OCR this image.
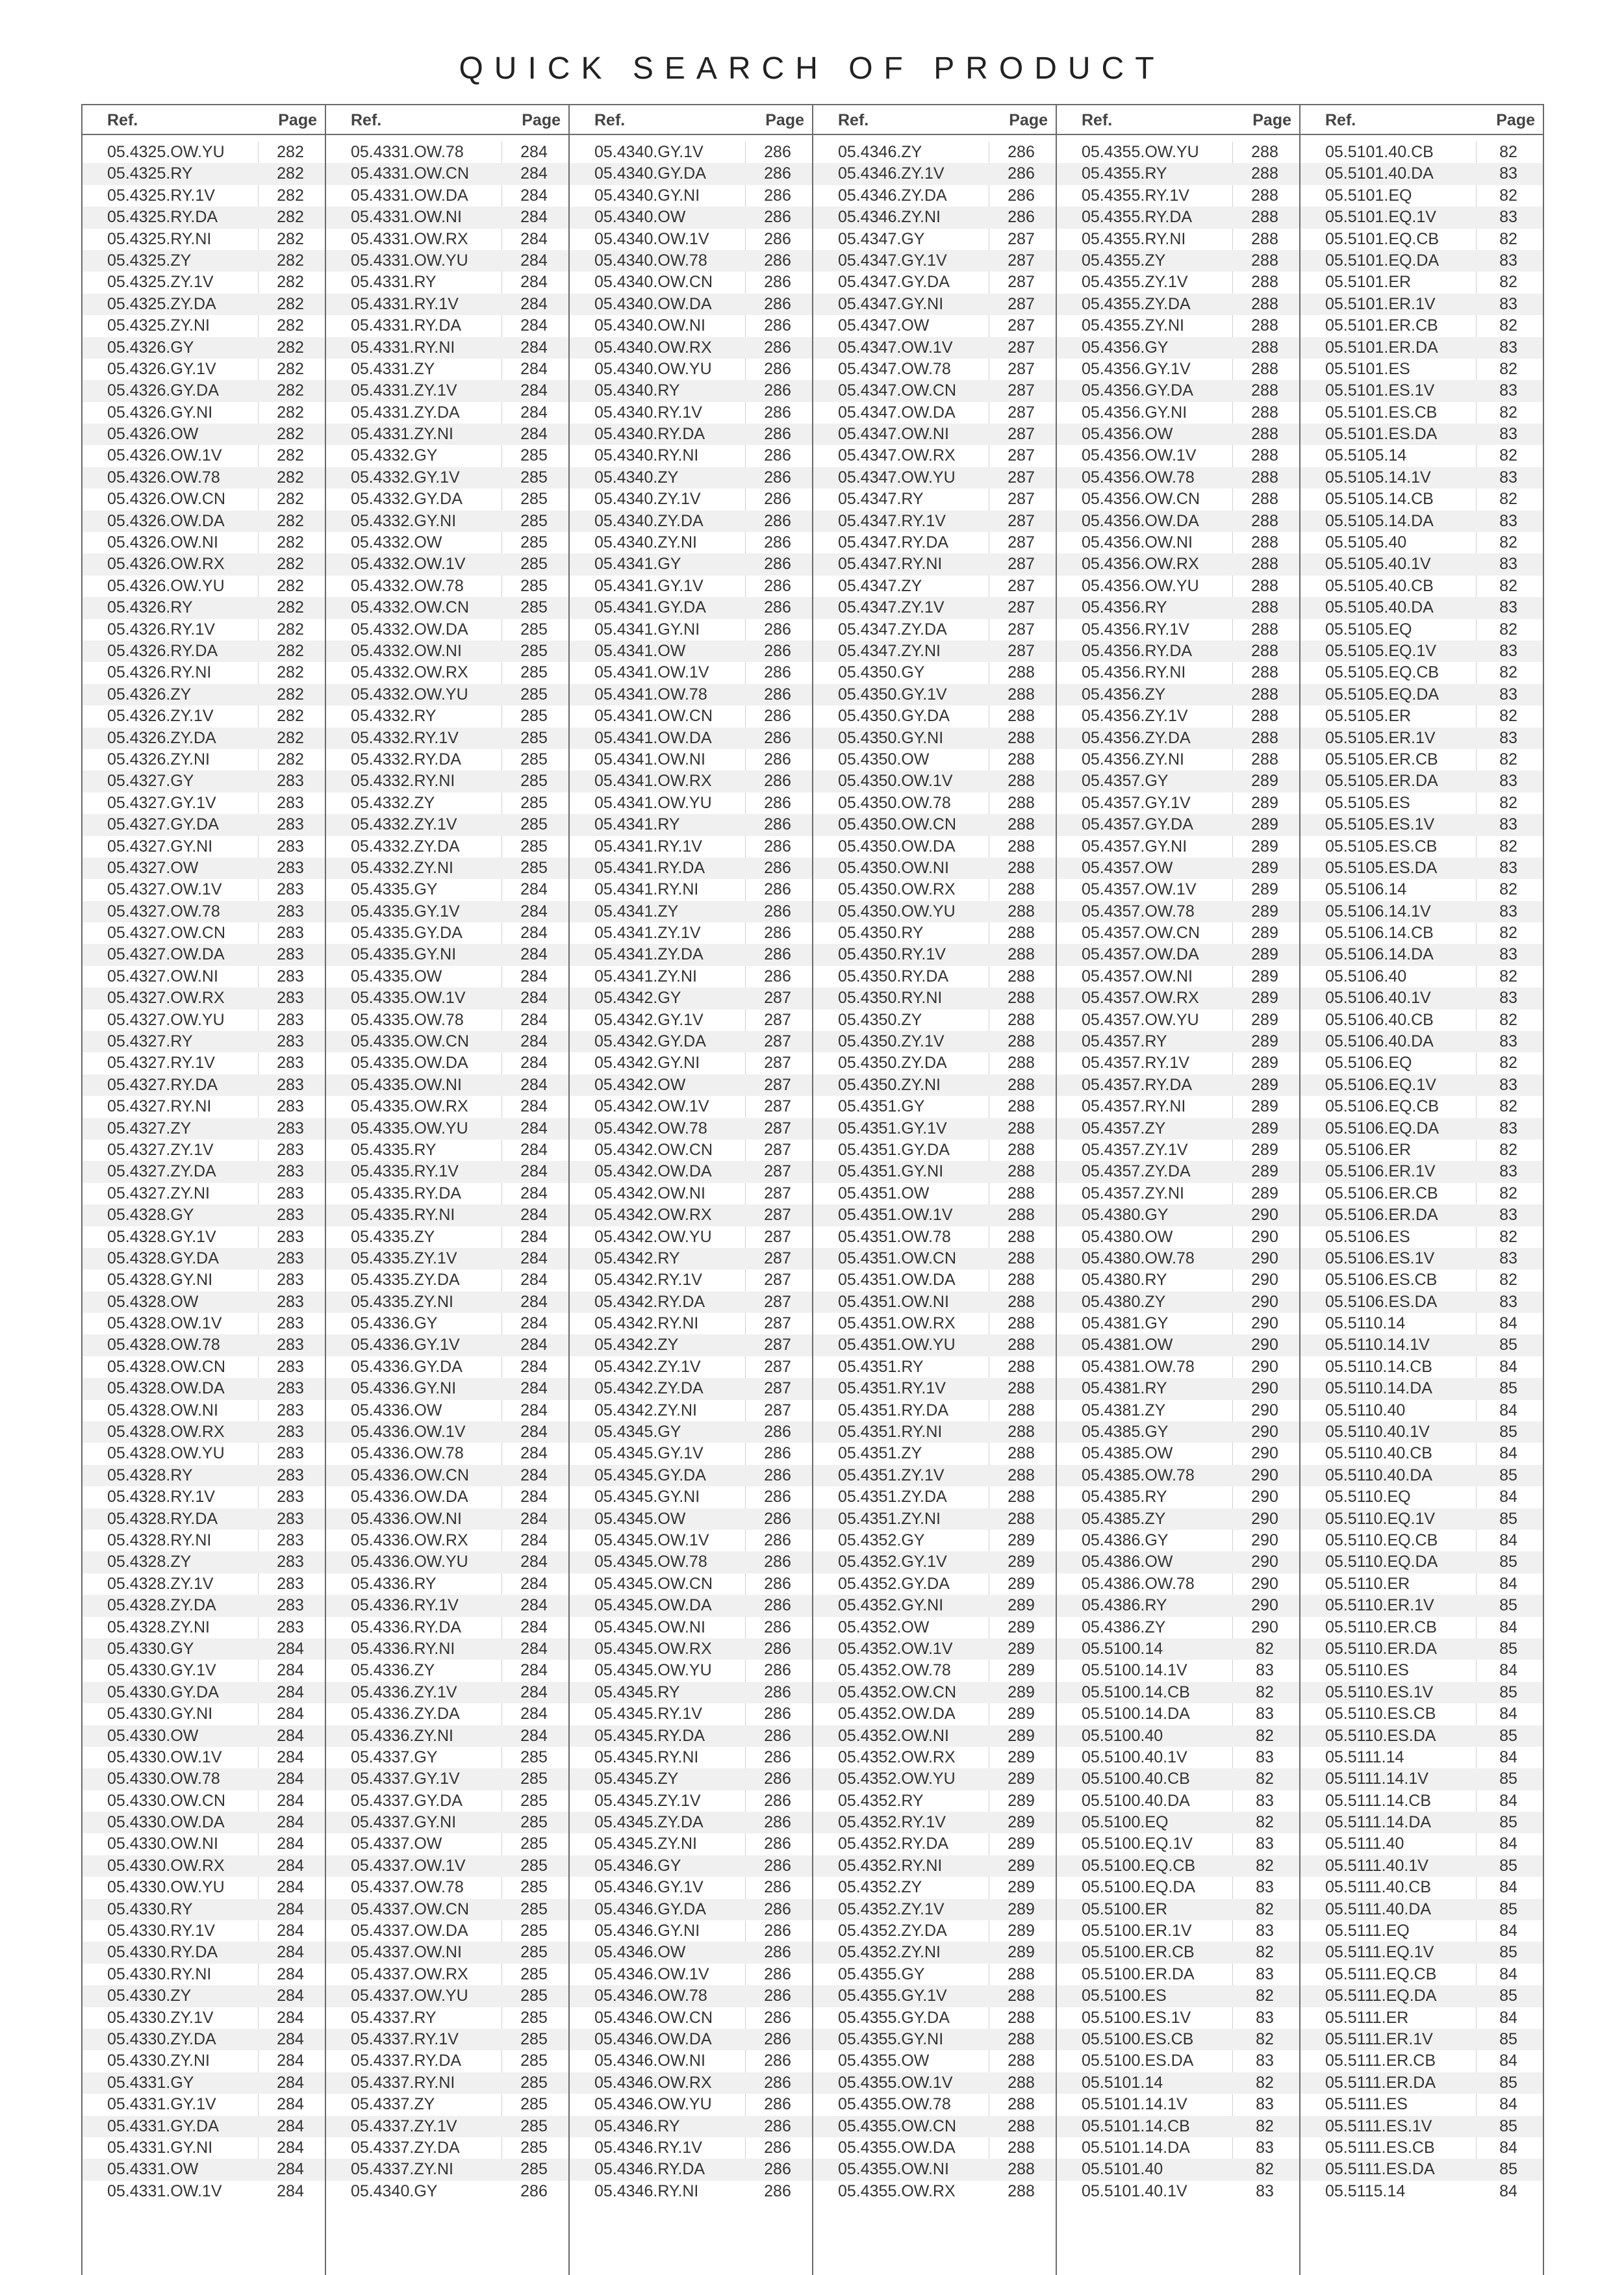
QUICK SEARCH OF PRODUCT
Ref.	Page
05.4325.OW.YU	282
05.4325.RY	282
05.4325.RY.1V	282
05.4325.RY.DA	282
05.4325.RY.NI	282
05.4325.ZY	282
05.4325.ZY.1V	282
05.4325.ZY.DA	282
05.4325.ZY.NI	282
05.4326.GY	282
05.4326.GY.1V	282
05.4326.GY.DA	282
05.4326.GY.NI	282
05.4326.OW	282
05.4326.OW.1V	282
05.4326.OW.78	282
05.4326.OW.CN	282
05.4326.OW.DA	282
05.4326.OW.NI	282
05.4326.OW.RX	282
05.4326.OW.YU	282
05.4326.RY	282
05.4326.RY.1V	282
05.4326.RY.DA	282
05.4326.RY.NI	282
05.4326.ZY	282
05.4326.ZY.1V	282
05.4326.ZY.DA	282
05.4326.ZY.NI	282
05.4327.GY	283
05.4327.GY.1V	283
05.4327.GY.DA	283
05.4327.GY.NI	283
05.4327.OW	283
05.4327.OW.1V	283
05.4327.OW.78	283
05.4327.OW.CN	283
05.4327.OW.DA	283
05.4327.OW.NI	283
05.4327.OW.RX	283
05.4327.OW.YU	283
05.4327.RY	283
05.4327.RY.1V	283
05.4327.RY.DA	283
05.4327.RY.NI	283
05.4327.ZY	283
05.4327.ZY.1V	283
05.4327.ZY.DA	283
05.4327.ZY.NI	283
05.4328.GY	283
05.4328.GY.1V	283
05.4328.GY.DA	283
05.4328.GY.NI	283
05.4328.OW	283
05.4328.OW.1V	283
05.4328.OW.78	283
05.4328.OW.CN	283
05.4328.OW.DA	283
05.4328.OW.NI	283
05.4328.OW.RX	283
05.4328.OW.YU	283
05.4328.RY	283
05.4328.RY.1V	283
05.4328.RY.DA	283
05.4328.RY.NI	283
05.4328.ZY	283
05.4328.ZY.1V	283
05.4328.ZY.DA	283
05.4328.ZY.NI	283
05.4330.GY	284
05.4330.GY.1V	284
05.4330.GY.DA	284
05.4330.GY.NI	284
05.4330.OW	284
05.4330.OW.1V	284
05.4330.OW.78	284
05.4330.OW.CN	284
05.4330.OW.DA	284
05.4330.OW.NI	284
05.4330.OW.RX	284
05.4330.OW.YU	284
05.4330.RY	284
05.4330.RY.1V	284
05.4330.RY.DA	284
05.4330.RY.NI	284
05.4330.ZY	284
05.4330.ZY.1V	284
05.4330.ZY.DA	284
05.4330.ZY.NI	284
05.4331.GY	284
05.4331.GY.1V	284
05.4331.GY.DA	284
05.4331.GY.NI	284
05.4331.OW	284
05.4331.OW.1V	284
Ref.	Page
05.4331.OW.78	284
05.4331.OW.CN	284
05.4331.OW.DA	284
05.4331.OW.NI	284
05.4331.OW.RX	284
05.4331.OW.YU	284
05.4331.RY	284
05.4331.RY.1V	284
05.4331.RY.DA	284
05.4331.RY.NI	284
05.4331.ZY	284
05.4331.ZY.1V	284
05.4331.ZY.DA	284
05.4331.ZY.NI	284
05.4332.GY	285
05.4332.GY.1V	285
05.4332.GY.DA	285
05.4332.GY.NI	285
05.4332.OW	285
05.4332.OW.1V	285
05.4332.OW.78	285
05.4332.OW.CN	285
05.4332.OW.DA	285
05.4332.OW.NI	285
05.4332.OW.RX	285
05.4332.OW.YU	285
05.4332.RY	285
05.4332.RY.1V	285
05.4332.RY.DA	285
05.4332.RY.NI	285
05.4332.ZY	285
05.4332.ZY.1V	285
05.4332.ZY.DA	285
05.4332.ZY.NI	285
05.4335.GY	284
05.4335.GY.1V	284
05.4335.GY.DA	284
05.4335.GY.NI	284
05.4335.OW	284
05.4335.OW.1V	284
05.4335.OW.78	284
05.4335.OW.CN	284
05.4335.OW.DA	284
05.4335.OW.NI	284
05.4335.OW.RX	284
05.4335.OW.YU	284
05.4335.RY	284
05.4335.RY.1V	284
05.4335.RY.DA	284
05.4335.RY.NI	284
05.4335.ZY	284
05.4335.ZY.1V	284
05.4335.ZY.DA	284
05.4335.ZY.NI	284
05.4336.GY	284
05.4336.GY.1V	284
05.4336.GY.DA	284
05.4336.GY.NI	284
05.4336.OW	284
05.4336.OW.1V	284
05.4336.OW.78	284
05.4336.OW.CN	284
05.4336.OW.DA	284
05.4336.OW.NI	284
05.4336.OW.RX	284
05.4336.OW.YU	284
05.4336.RY	284
05.4336.RY.1V	284
05.4336.RY.DA	284
05.4336.RY.NI	284
05.4336.ZY	284
05.4336.ZY.1V	284
05.4336.ZY.DA	284
05.4336.ZY.NI	284
05.4337.GY	285
05.4337.GY.1V	285
05.4337.GY.DA	285
05.4337.GY.NI	285
05.4337.OW	285
05.4337.OW.1V	285
05.4337.OW.78	285
05.4337.OW.CN	285
05.4337.OW.DA	285
05.4337.OW.NI	285
05.4337.OW.RX	285
05.4337.OW.YU	285
05.4337.RY	285
05.4337.RY.1V	285
05.4337.RY.DA	285
05.4337.RY.NI	285
05.4337.ZY	285
05.4337.ZY.1V	285
05.4337.ZY.DA	285
05.4337.ZY.NI	285
05.4340.GY	286
Ref.	Page
05.4340.GY.1V	286
05.4340.GY.DA	286
05.4340.GY.NI	286
05.4340.OW	286
05.4340.OW.1V	286
05.4340.OW.78	286
05.4340.OW.CN	286
05.4340.OW.DA	286
05.4340.OW.NI	286
05.4340.OW.RX	286
05.4340.OW.YU	286
05.4340.RY	286
05.4340.RY.1V	286
05.4340.RY.DA	286
05.4340.RY.NI	286
05.4340.ZY	286
05.4340.ZY.1V	286
05.4340.ZY.DA	286
05.4340.ZY.NI	286
05.4341.GY	286
05.4341.GY.1V	286
05.4341.GY.DA	286
05.4341.GY.NI	286
05.4341.OW	286
05.4341.OW.1V	286
05.4341.OW.78	286
05.4341.OW.CN	286
05.4341.OW.DA	286
05.4341.OW.NI	286
05.4341.OW.RX	286
05.4341.OW.YU	286
05.4341.RY	286
05.4341.RY.1V	286
05.4341.RY.DA	286
05.4341.RY.NI	286
05.4341.ZY	286
05.4341.ZY.1V	286
05.4341.ZY.DA	286
05.4341.ZY.NI	286
05.4342.GY	287
05.4342.GY.1V	287
05.4342.GY.DA	287
05.4342.GY.NI	287
05.4342.OW	287
05.4342.OW.1V	287
05.4342.OW.78	287
05.4342.OW.CN	287
05.4342.OW.DA	287
05.4342.OW.NI	287
05.4342.OW.RX	287
05.4342.OW.YU	287
05.4342.RY	287
05.4342.RY.1V	287
05.4342.RY.DA	287
05.4342.RY.NI	287
05.4342.ZY	287
05.4342.ZY.1V	287
05.4342.ZY.DA	287
05.4342.ZY.NI	287
05.4345.GY	286
05.4345.GY.1V	286
05.4345.GY.DA	286
05.4345.GY.NI	286
05.4345.OW	286
05.4345.OW.1V	286
05.4345.OW.78	286
05.4345.OW.CN	286
05.4345.OW.DA	286
05.4345.OW.NI	286
05.4345.OW.RX	286
05.4345.OW.YU	286
05.4345.RY	286
05.4345.RY.1V	286
05.4345.RY.DA	286
05.4345.RY.NI	286
05.4345.ZY	286
05.4345.ZY.1V	286
05.4345.ZY.DA	286
05.4345.ZY.NI	286
05.4346.GY	286
05.4346.GY.1V	286
05.4346.GY.DA	286
05.4346.GY.NI	286
05.4346.OW	286
05.4346.OW.1V	286
05.4346.OW.78	286
05.4346.OW.CN	286
05.4346.OW.DA	286
05.4346.OW.NI	286
05.4346.OW.RX	286
05.4346.OW.YU	286
05.4346.RY	286
05.4346.RY.1V	286
05.4346.RY.DA	286
05.4346.RY.NI	286
Ref.	Page
05.4346.ZY	286
05.4346.ZY.1V	286
05.4346.ZY.DA	286
05.4346.ZY.NI	286
05.4347.GY	287
05.4347.GY.1V	287
05.4347.GY.DA	287
05.4347.GY.NI	287
05.4347.OW	287
05.4347.OW.1V	287
05.4347.OW.78	287
05.4347.OW.CN	287
05.4347.OW.DA	287
05.4347.OW.NI	287
05.4347.OW.RX	287
05.4347.OW.YU	287
05.4347.RY	287
05.4347.RY.1V	287
05.4347.RY.DA	287
05.4347.RY.NI	287
05.4347.ZY	287
05.4347.ZY.1V	287
05.4347.ZY.DA	287
05.4347.ZY.NI	287
05.4350.GY	288
05.4350.GY.1V	288
05.4350.GY.DA	288
05.4350.GY.NI	288
05.4350.OW	288
05.4350.OW.1V	288
05.4350.OW.78	288
05.4350.OW.CN	288
05.4350.OW.DA	288
05.4350.OW.NI	288
05.4350.OW.RX	288
05.4350.OW.YU	288
05.4350.RY	288
05.4350.RY.1V	288
05.4350.RY.DA	288
05.4350.RY.NI	288
05.4350.ZY	288
05.4350.ZY.1V	288
05.4350.ZY.DA	288
05.4350.ZY.NI	288
05.4351.GY	288
05.4351.GY.1V	288
05.4351.GY.DA	288
05.4351.GY.NI	288
05.4351.OW	288
05.4351.OW.1V	288
05.4351.OW.78	288
05.4351.OW.CN	288
05.4351.OW.DA	288
05.4351.OW.NI	288
05.4351.OW.RX	288
05.4351.OW.YU	288
05.4351.RY	288
05.4351.RY.1V	288
05.4351.RY.DA	288
05.4351.RY.NI	288
05.4351.ZY	288
05.4351.ZY.1V	288
05.4351.ZY.DA	288
05.4351.ZY.NI	288
05.4352.GY	289
05.4352.GY.1V	289
05.4352.GY.DA	289
05.4352.GY.NI	289
05.4352.OW	289
05.4352.OW.1V	289
05.4352.OW.78	289
05.4352.OW.CN	289
05.4352.OW.DA	289
05.4352.OW.NI	289
05.4352.OW.RX	289
05.4352.OW.YU	289
05.4352.RY	289
05.4352.RY.1V	289
05.4352.RY.DA	289
05.4352.RY.NI	289
05.4352.ZY	289
05.4352.ZY.1V	289
05.4352.ZY.DA	289
05.4352.ZY.NI	289
05.4355.GY	288
05.4355.GY.1V	288
05.4355.GY.DA	288
05.4355.GY.NI	288
05.4355.OW	288
05.4355.OW.1V	288
05.4355.OW.78	288
05.4355.OW.CN	288
05.4355.OW.DA	288
05.4355.OW.NI	288
05.4355.OW.RX	288
Ref.	Page
05.4355.OW.YU	288
05.4355.RY	288
05.4355.RY.1V	288
05.4355.RY.DA	288
05.4355.RY.NI	288
05.4355.ZY	288
05.4355.ZY.1V	288
05.4355.ZY.DA	288
05.4355.ZY.NI	288
05.4356.GY	288
05.4356.GY.1V	288
05.4356.GY.DA	288
05.4356.GY.NI	288
05.4356.OW	288
05.4356.OW.1V	288
05.4356.OW.78	288
05.4356.OW.CN	288
05.4356.OW.DA	288
05.4356.OW.NI	288
05.4356.OW.RX	288
05.4356.OW.YU	288
05.4356.RY	288
05.4356.RY.1V	288
05.4356.RY.DA	288
05.4356.RY.NI	288
05.4356.ZY	288
05.4356.ZY.1V	288
05.4356.ZY.DA	288
05.4356.ZY.NI	288
05.4357.GY	289
05.4357.GY.1V	289
05.4357.GY.DA	289
05.4357.GY.NI	289
05.4357.OW	289
05.4357.OW.1V	289
05.4357.OW.78	289
05.4357.OW.CN	289
05.4357.OW.DA	289
05.4357.OW.NI	289
05.4357.OW.RX	289
05.4357.OW.YU	289
05.4357.RY	289
05.4357.RY.1V	289
05.4357.RY.DA	289
05.4357.RY.NI	289
05.4357.ZY	289
05.4357.ZY.1V	289
05.4357.ZY.DA	289
05.4357.ZY.NI	289
05.4380.GY	290
05.4380.OW	290
05.4380.OW.78	290
05.4380.RY	290
05.4380.ZY	290
05.4381.GY	290
05.4381.OW	290
05.4381.OW.78	290
05.4381.RY	290
05.4381.ZY	290
05.4385.GY	290
05.4385.OW	290
05.4385.OW.78	290
05.4385.RY	290
05.4385.ZY	290
05.4386.GY	290
05.4386.OW	290
05.4386.OW.78	290
05.4386.RY	290
05.4386.ZY	290
05.5100.14	82
05.5100.14.1V	83
05.5100.14.CB	82
05.5100.14.DA	83
05.5100.40	82
05.5100.40.1V	83
05.5100.40.CB	82
05.5100.40.DA	83
05.5100.EQ	82
05.5100.EQ.1V	83
05.5100.EQ.CB	82
05.5100.EQ.DA	83
05.5100.ER	82
05.5100.ER.1V	83
05.5100.ER.CB	82
05.5100.ER.DA	83
05.5100.ES	82
05.5100.ES.1V	83
05.5100.ES.CB	82
05.5100.ES.DA	83
05.5101.14	82
05.5101.14.1V	83
05.5101.14.CB	82
05.5101.14.DA	83
05.5101.40	82
05.5101.40.1V	83
Ref.	Page
05.5101.40.CB	82
05.5101.40.DA	83
05.5101.EQ	82
05.5101.EQ.1V	83
05.5101.EQ.CB	82
05.5101.EQ.DA	83
05.5101.ER	82
05.5101.ER.1V	83
05.5101.ER.CB	82
05.5101.ER.DA	83
05.5101.ES	82
05.5101.ES.1V	83
05.5101.ES.CB	82
05.5101.ES.DA	83
05.5105.14	82
05.5105.14.1V	83
05.5105.14.CB	82
05.5105.14.DA	83
05.5105.40	82
05.5105.40.1V	83
05.5105.40.CB	82
05.5105.40.DA	83
05.5105.EQ	82
05.5105.EQ.1V	83
05.5105.EQ.CB	82
05.5105.EQ.DA	83
05.5105.ER	82
05.5105.ER.1V	83
05.5105.ER.CB	82
05.5105.ER.DA	83
05.5105.ES	82
05.5105.ES.1V	83
05.5105.ES.CB	82
05.5105.ES.DA	83
05.5106.14	82
05.5106.14.1V	83
05.5106.14.CB	82
05.5106.14.DA	83
05.5106.40	82
05.5106.40.1V	83
05.5106.40.CB	82
05.5106.40.DA	83
05.5106.EQ	82
05.5106.EQ.1V	83
05.5106.EQ.CB	82
05.5106.EQ.DA	83
05.5106.ER	82
05.5106.ER.1V	83
05.5106.ER.CB	82
05.5106.ER.DA	83
05.5106.ES	82
05.5106.ES.1V	83
05.5106.ES.CB	82
05.5106.ES.DA	83
05.5110.14	84
05.5110.14.1V	85
05.5110.14.CB	84
05.5110.14.DA	85
05.5110.40	84
05.5110.40.1V	85
05.5110.40.CB	84
05.5110.40.DA	85
05.5110.EQ	84
05.5110.EQ.1V	85
05.5110.EQ.CB	84
05.5110.EQ.DA	85
05.5110.ER	84
05.5110.ER.1V	85
05.5110.ER.CB	84
05.5110.ER.DA	85
05.5110.ES	84
05.5110.ES.1V	85
05.5110.ES.CB	84
05.5110.ES.DA	85
05.5111.14	84
05.5111.14.1V	85
05.5111.14.CB	84
05.5111.14.DA	85
05.5111.40	84
05.5111.40.1V	85
05.5111.40.CB	84
05.5111.40.DA	85
05.5111.EQ	84
05.5111.EQ.1V	85
05.5111.EQ.CB	84
05.5111.EQ.DA	85
05.5111.ER	84
05.5111.ER.1V	85
05.5111.ER.CB	84
05.5111.ER.DA	85
05.5111.ES	84
05.5111.ES.1V	85
05.5111.ES.CB	84
05.5111.ES.DA	85
05.5115.14	84
